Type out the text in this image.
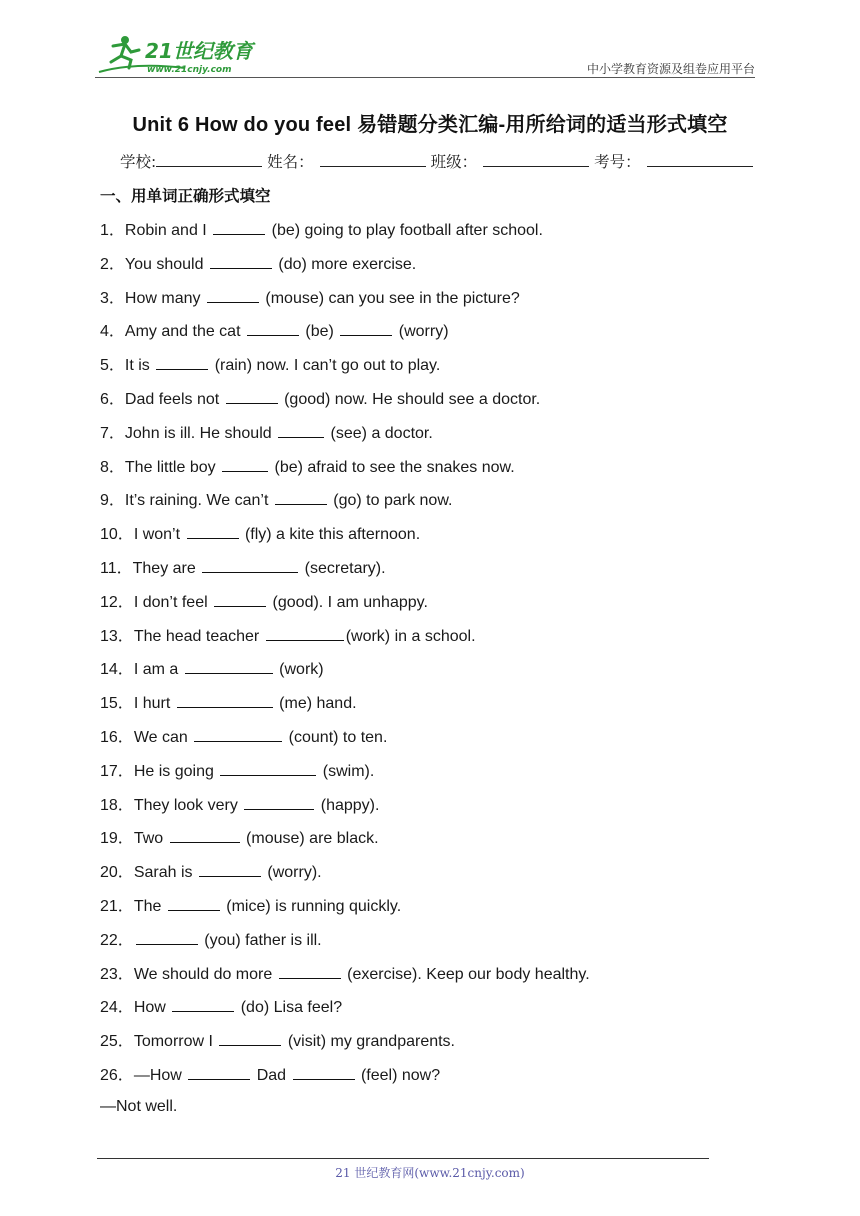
21世纪教育
www.21cnjy.com	中小学教育资源及组卷应用平台
Unit 6 How do you feel 易错题分类汇编-用所给词的适当形式填空
学校:	姓名：	班级：	考号：
一、用单词正确形式填空
1．Robin and I	(be) going to play football after school.
2．You should	(do) more exercise.
3．How many	(mouse) can you see in the picture?
4．Amy and the cat	(be)	(worry)
5．It is	(rain) now. I can’t go out to play.
6．Dad feels not	(good) now. He should see a doctor.
7．John is ill. He should	(see) a doctor.
8．The little boy	(be) afraid to see the snakes now.
9．It’s raining. We can’t	(go) to park now.
10．I won’t	(fly) a kite this afternoon.
11．They are	(secretary).
12．I don’t feel	(good). I am unhappy.
13．The head teacher	(work) in a school.
14．I am a	(work)
15．I hurt	(me) hand.
16．We can	(count) to ten.
17．He is going	(swim).
18．They look very	(happy).
19．Two	(mouse) are black.
20．Sarah is	(worry).
21．The	(mice) is running quickly.
22．	(you) father is ill.
23．We should do more	(exercise). Keep our body healthy.
24．How	(do) Lisa feel?
25．Tomorrow I	(visit) my grandparents.
26．—How	Dad	(feel) now?
—Not well.
21 世纪教育网(www.21cnjy.com)
